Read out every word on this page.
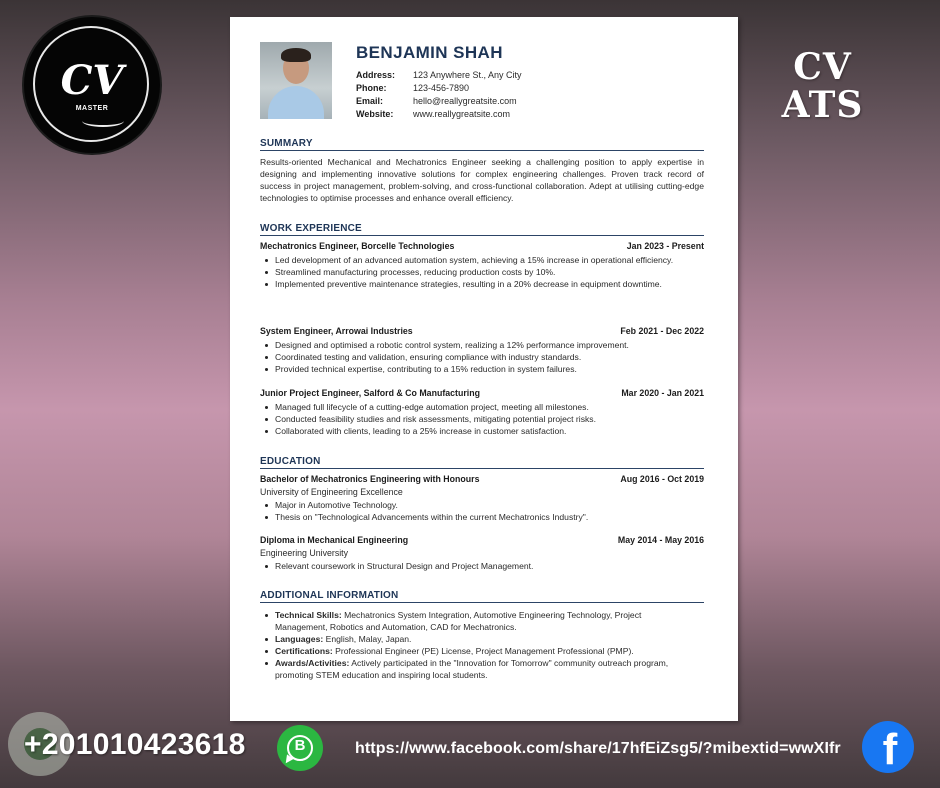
CV
MASTER
CV
ATS
BENJAMIN SHAH
Address: 123 Anywhere St., Any City
Phone:	123-456-7890
Email:	hello@reallygreatsite.com
Website: www.reallygreatsite.com
SUMMARY
Results-oriented Mechanical and Mechatronics Engineer seeking a challenging position to apply expertise in designing and implementing innovative solutions for complex engineering challenges. Proven track record of success in project management, problem-solving, and cross-functional collaboration. Adept at utilising cutting-edge technologies to optimise processes and enhance overall efficiency.
WORK EXPERIENCE
Mechatronics Engineer, Borcelle Technologies	Jan 2023 - Present
Led development of an advanced automation system, achieving a 15% increase in operational efficiency.
Streamlined manufacturing processes, reducing production costs by 10%.
Implemented preventive maintenance strategies, resulting in a 20% decrease in equipment downtime.
System Engineer, Arrowai Industries	Feb 2021 - Dec 2022
Designed and optimised a robotic control system, realizing a 12% performance improvement.
Coordinated testing and validation, ensuring compliance with industry standards.
Provided technical expertise, contributing to a 15% reduction in system failures.
Junior Project Engineer, Salford & Co Manufacturing	Mar 2020 - Jan 2021
Managed full lifecycle of a cutting-edge automation project, meeting all milestones.
Conducted feasibility studies and risk assessments, mitigating potential project risks.
Collaborated with clients, leading to a 25% increase in customer satisfaction.
EDUCATION
Bachelor of Mechatronics Engineering with Honours	Aug 2016 - Oct 2019
University of Engineering Excellence
Major in Automotive Technology.
Thesis on "Technological Advancements within the current Mechatronics Industry".
Diploma in Mechanical Engineering	May 2014 - May 2016
Engineering University
Relevant coursework in Structural Design and Project Management.
ADDITIONAL INFORMATION
Technical Skills: Mechatronics System Integration, Automotive Engineering Technology, Project Management, Robotics and Automation, CAD for Mechatronics.
Languages: English, Malay, Japan.
Certifications: Professional Engineer (PE) License, Project Management Professional (PMP).
Awards/Activities: Actively participated in the "Innovation for Tomorrow" community outreach program, promoting STEM education and inspiring local students.
+201010423618	B	https://www.facebook.com/share/17hfEiZsg5/?mibextid=wwXIfr f
